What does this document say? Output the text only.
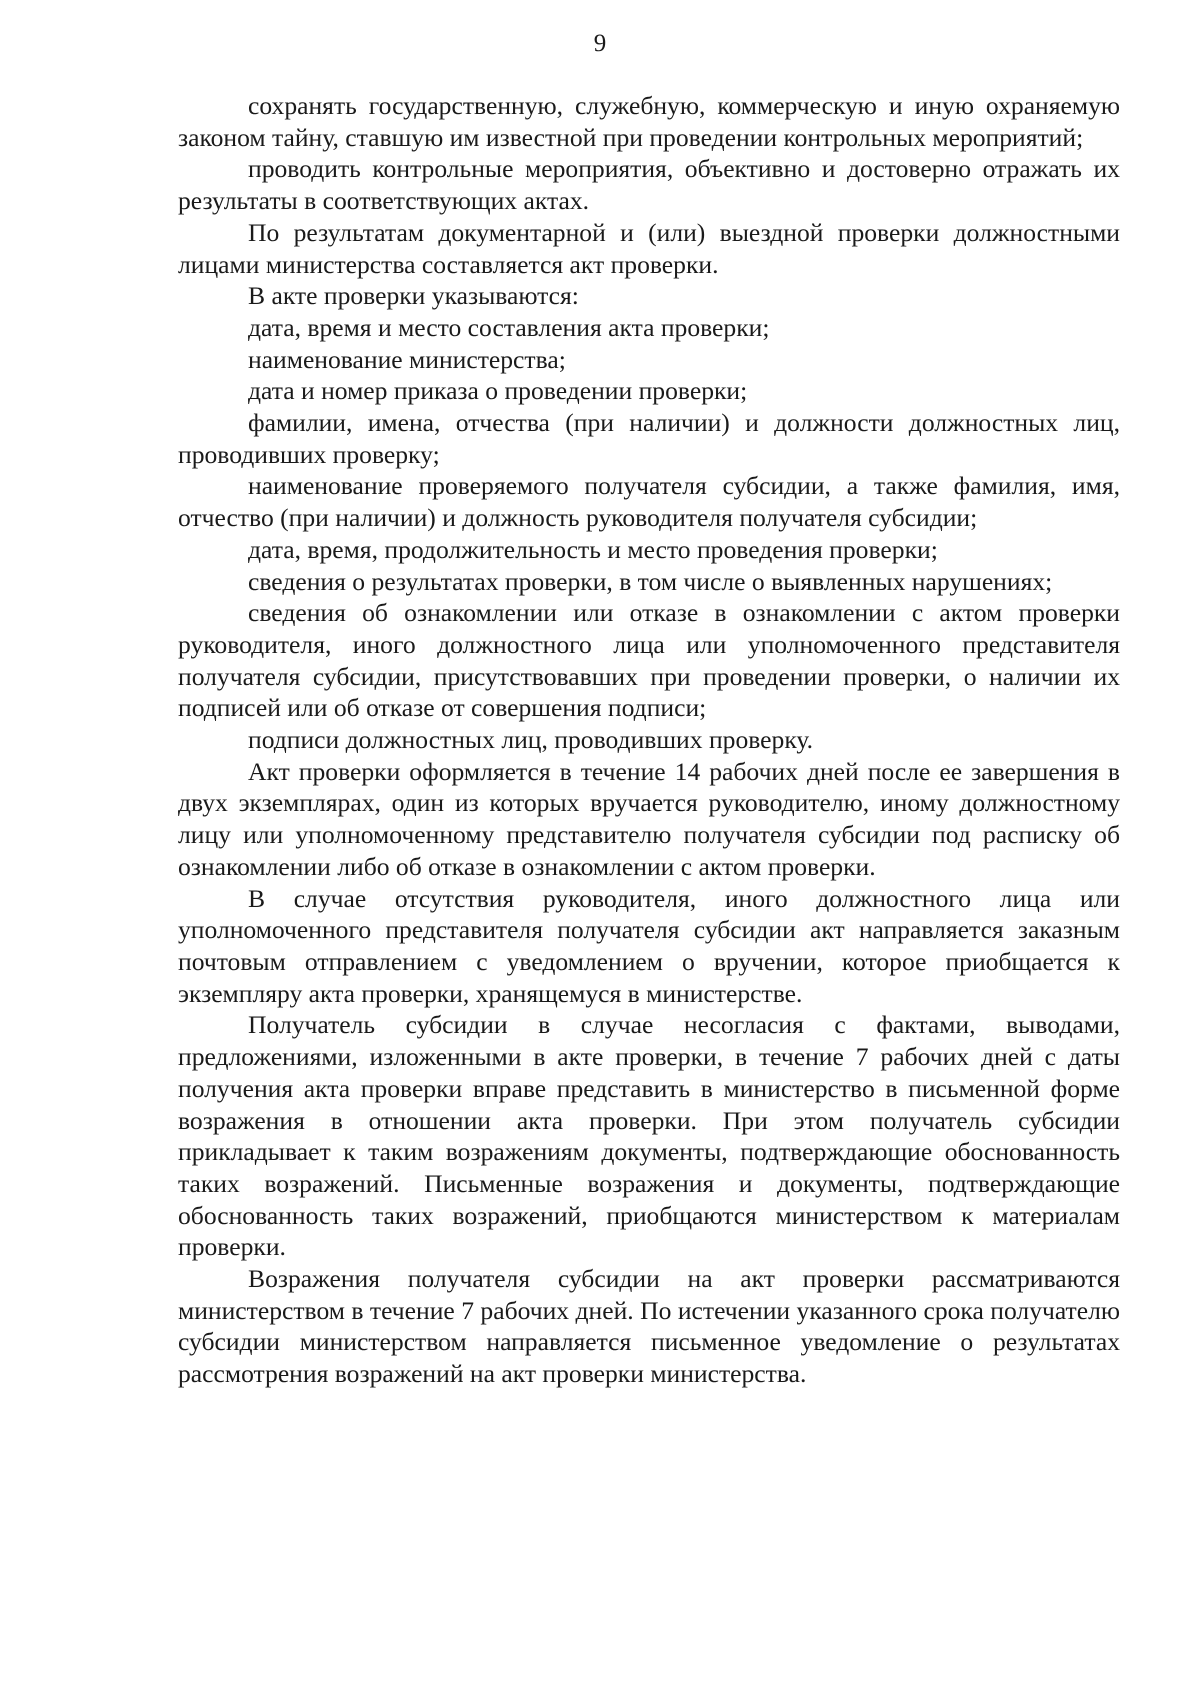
9

сохранять государственную, служебную, коммерческую и иную охраняемую законом тайну, ставшую им известной при проведении контрольных мероприятий;

проводить контрольные мероприятия, объективно и достоверно отражать их результаты в соответствующих актах.

По результатам документарной и (или) выездной проверки должностными лицами министерства составляется акт проверки.

В акте проверки указываются:

дата, время и место составления акта проверки;

наименование министерства;

дата и номер приказа о проведении проверки;

фамилии, имена, отчества (при наличии) и должности должностных лиц, проводивших проверку;

наименование проверяемого получателя субсидии, а также фамилия, имя, отчество (при наличии) и должность руководителя получателя субсидии;

дата, время, продолжительность и место проведения проверки;

сведения о результатах проверки, в том числе о выявленных нарушениях;

сведения об ознакомлении или отказе в ознакомлении с актом проверки руководителя, иного должностного лица или уполномоченного представителя получателя субсидии, присутствовавших при проведении проверки, о наличии их подписей или об отказе от совершения подписи;

подписи должностных лиц, проводивших проверку.

Акт проверки оформляется в течение 14 рабочих дней после ее завершения в двух экземплярах, один из которых вручается руководителю, иному должностному лицу или уполномоченному представителю получателя субсидии под расписку об ознакомлении либо об отказе в ознакомлении с актом проверки.

В случае отсутствия руководителя, иного должностного лица или уполномоченного представителя получателя субсидии акт направляется заказным почтовым отправлением с уведомлением о вручении, которое приобщается к экземпляру акта проверки, хранящемуся в министерстве.

Получатель субсидии в случае несогласия с фактами, выводами, предложениями, изложенными в акте проверки, в течение 7 рабочих дней с даты получения акта проверки вправе представить в министерство в письменной форме возражения в отношении акта проверки. При этом получатель субсидии прикладывает к таким возражениям документы, подтверждающие обоснованность таких возражений. Письменные возражения и документы, подтверждающие обоснованность таких возражений, приобщаются министерством к материалам проверки.

Возражения получателя субсидии на акт проверки рассматриваются министерством в течение 7 рабочих дней. По истечении указанного срока получателю субсидии министерством направляется письменное уведомление о результатах рассмотрения возражений на акт проверки министерства.
